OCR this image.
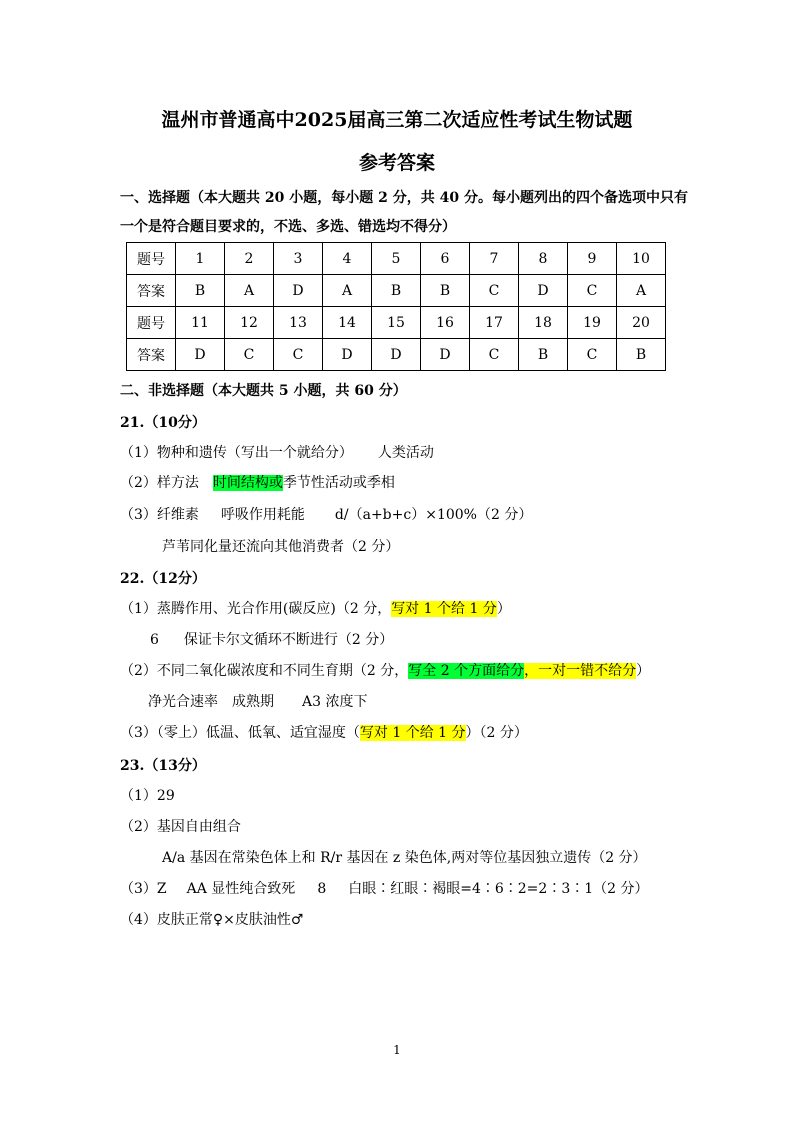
温州市普通高中2025届高三第二次适应性考试生物试题
参考答案
一、选择题（本大题共 20 小题，每小题 2 分，共 40 分。每小题列出的四个备选项中只有
一个是符合题目要求的，不选、多选、错选均不得分）
题号	1	2	3	4	5	6	7	8	9	10
答案	B	A	D	A	B	B	C	D	C	A
题号	11	12	13	14	15	16	17	18	19	20
答案	D	C	C	D	D	D	C	B	C	B
二、非选择题（本大题共 5 小题，共 60 分）
21.（10分）
（1）物种和遗传（写出一个就给分） 人类活动
（2）样方法 时间结构或季节性活动或季相
（3）纤维素 呼吸作用耗能 d/（a+b+c）×100%（2 分）
芦苇同化量还流向其他消费者（2 分）
22.（12分）
（1）蒸腾作用、光合作用(碳反应)（2 分，写对 1 个给 1 分）
6 保证卡尔文循环不断进行（2 分）
（2）不同二氧化碳浓度和不同生育期（2 分，写全 2 个方面给分，一对一错不给分）
净光合速率 成熟期 A3 浓度下
（3）（零上）低温、低氧、适宜湿度（写对 1 个给 1 分）（2 分）
23.（13分）
（1）29
（2）基因自由组合
A/a 基因在常染色体上和 R/r 基因在 z 染色体,两对等位基因独立遗传（2 分）
（3）Z AA 显性纯合致死 8 白眼∶红眼∶褐眼=4∶6∶2=2∶3∶1（2 分）
（4）皮肤正常♀×皮肤油性♂
1
